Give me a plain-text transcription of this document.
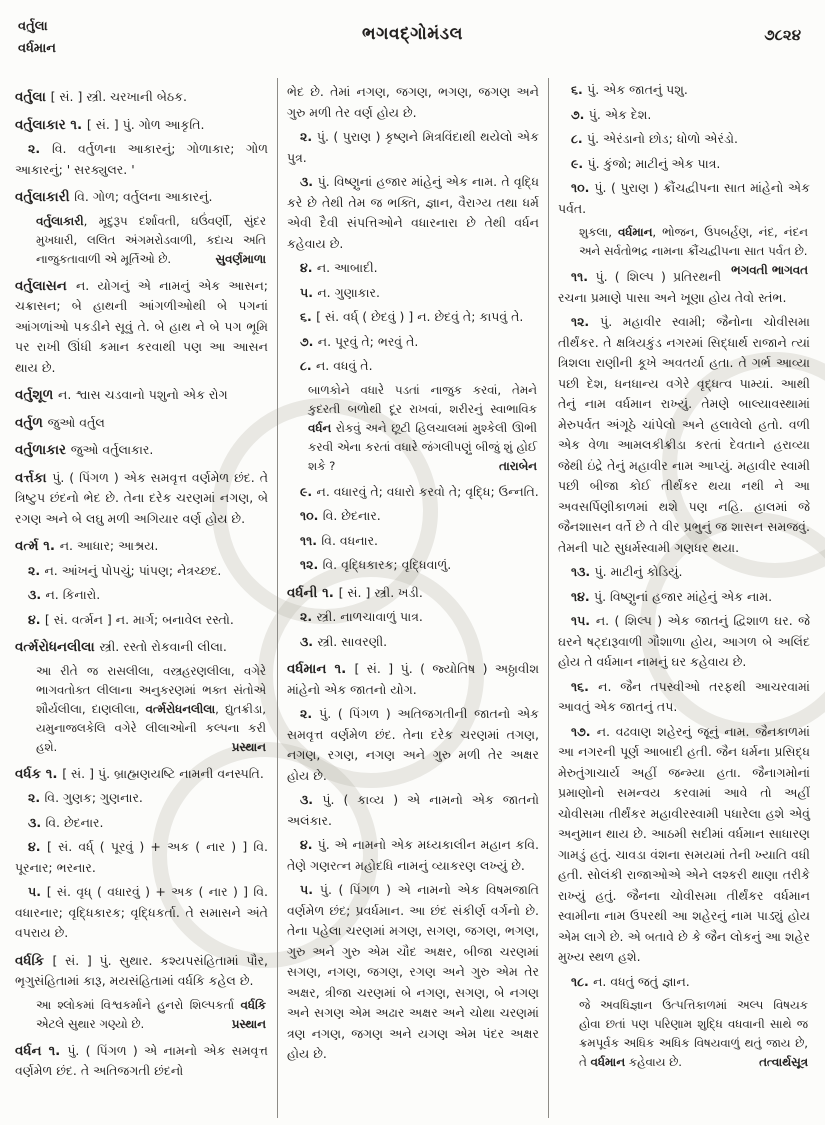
વર્તુલા
વર્ધમાન
ભગવદ્ગોમંડલ	૭૮૨૪

વર્તુલા [ સં. ] સ્ત્રી. ચરખાની બેઠક.

વર્તુલાકાર ૧. [ સં. ] પું. ગોળ આકૃતિ.

૨. વિ. વર્તુળના આકારનું; ગોળાકાર; ગોળ આકારનું; ' સરક્યુલર. '

વર્તુલાકારી વિ. ગોળ; વર્તુલના આકારનું.

વર્તુલાકારી, મૃદુરૂપ દર્શાવતી, ઘઉંવર્ણી, સુંદર મુખધારી, લલિત અંગમરોડવાળી, કદાચ અતિ નાજુકતાવાળી એ મૂર્તિઓ છે.	સુવર્ણમાળા

વર્તુલાસન ન. યોગનું એ નામનું એક આસન; ચક્રાસન; બે હાથની આંગળીઓથી બે પગનાં આંગળાંઓ પકડીને સૂવું તે. બે હાથ ને બે પગ ભૂમિ પર રાખી ઊંધી કમાન કરવાથી પણ આ આસન થાય છે.

વર્તુશૂળ ન. શ્વાસ ચડવાનો પશુનો એક રોગ

વર્તુળ જુઓ વર્તુલ

વર્તુળાકાર જુઓ વર્તુલાકાર.

વર્ત્તકા પું. ( પિંગળ ) એક સમવૃત્ત વર્ણમેળ છંદ. તે ત્રિષ્ટુપ છંદનો ભેદ છે. તેના દરેક ચરણમાં નગણ, બે રગણ અને બે લઘુ મળી અગિયાર વર્ણ હોય છે.

વર્ત્મ ૧. ન. આધાર; આશ્રય.

૨. ન. આંખનું પોપચું; પાંપણ; નેત્રચ્છદ.

૩. ન. કિનારો.

૪. [ સં. વર્ત્મન ] ન. માર્ગ; બનાવેલ રસ્તો.

વર્ત્મરોધનલીલા સ્ત્રી. રસ્તો રોકવાની લીલા.

આ રીતે જ રાસલીલા, વસ્ત્રહરણલીલા, વગેરે ભાગવતોક્ત લીલાના અનુકરણમાં ભક્ત સંતોએ શૌર્યલીલા, દાણલીલા, વર્ત્મરોધનલીલા, દ્યુતક્રીડા, યમુનાજલકેલિ વગેરે લીલાઓની કલ્પના કરી હશે.	પ્રસ્થાન

વર્ધક ૧. [ સં. ] પું. બ્રાહ્મણયષ્ટિ નામની વનસ્પતિ.

૨. વિ. ગુણક; ગુણનાર.

૩. વિ. છેદનાર.

૪. [ સં. વર્ધ્ ( પૂરવું ) + અક ( નાર ) ] વિ. પૂરનાર; ભરનાર.

૫. [ સં. વૃધ્ ( વધારવું ) + અક ( નાર ) ] વિ. વધારનાર; વૃદ્ધિકારક; વૃદ્ધિકર્તા. તે સમાસને અંતે વપરાય છે.

વર્ધકિ [ સં. ] પું. સુથાર. કશ્યપસંહિતામાં પૌર, ભૃગુસંહિતામાં કારૂ, મયસંહિતામાં વર્ધકિ કહેલ છે.

આ શ્લોકમાં વિશ્વકર્માને હુનરો શિલ્પકર્તા વર્ધકિ એટલે સુથાર ગણ્યો છે.	પ્રસ્થાન

વર્ધન ૧. પું. ( પિંગળ ) એ નામનો એક સમવૃત્ત વર્ણમેળ છંદ. તે અતિજગતી છંદનો

ભેદ છે. તેમાં નગણ, જગણ, ભગણ, જગણ અને ગુરુ મળી તેર વર્ણ હોય છે.

૨. પું. ( પુરાણ ) કૃષ્ણને મિત્રવિંદાથી થયેલો એક પુત્ર.

૩. પું. વિષ્ણુનાં હજાર માંહેનું એક નામ. તે વૃદ્ધિ કરે છે તેથી તેમ જ ભક્તિ, જ્ઞાન, વૈરાગ્ય તથા ધર્મ એવી દૈવી સંપત્તિઓને વધારનારા છે તેથી વર્ધન કહેવાય છે.

૪. ન. આબાદી.

૫. ન. ગુણાકાર.

૬. [ સં. વર્ધ્ ( છેદવું ) ] ન. છેદવું તે; કાપવું તે.

૭. ન. પૂરવું તે; ભરવું તે.

૮. ન. વધવું તે.

બાળકોને વધારે પડતાં નાજુક કરવાં, તેમને કુદરતી બળોથી દૂર રાખવાં, શરીરનું સ્વાભાવિક વર્ધન રોકવું અને છૂટી હિલચાલમાં મુશ્કેલી ઊભી કરવી એના કરતાં વધારે જંગલીપણું બીજું શું હોઈ શકે ?	તારાબેન

૯. ન. વધારવું તે; વધારો કરવો તે; વૃદ્ધિ; ઉન્નતિ.

૧૦. વિ. છેદનાર.

૧૧. વિ. વધનાર.

૧૨. વિ. વૃદ્ધિકારક; વૃદ્ધિવાળું.

વર્ધની ૧. [ સં. ] સ્ત્રી. ખડી.

૨. સ્ત્રી. નાળચાવાળું પાત્ર.

૩. સ્ત્રી. સાવરણી.

વર્ધમાન ૧. [ સં. ] પું. ( જ્યોતિષ ) અઠ્ઠાવીશ માંહેનો એક જાતનો યોગ.

૨. પું. ( પિંગળ ) અતિજગતીની જાતનો એક સમવૃત્ત વર્ણમેળ છંદ. તેના દરેક ચરણમાં તગણ, નગણ, રગણ, નગણ અને ગુરુ મળી તેર અક્ષર હોય છે.

૩. પું. ( કાવ્ય ) એ નામનો એક જાતનો અલંકાર.

૪. પું. એ નામનો એક મધ્યકાલીન મહાન કવિ. તેણે ગણરત્ન મહોદધિ નામનું વ્યાકરણ લખ્યું છે.

૫. પું. ( પિંગળ ) એ નામનો એક વિષમજાતિ વર્ણમેળ છંદ; પ્રવર્ધમાન. આ છંદ સંકીર્ણ વર્ગનો છે. તેના પહેલા ચરણમાં મગણ, સગણ, જગણ, ભગણ, ગુરુ અને ગુરુ એમ ચૌદ અક્ષર, બીજા ચરણમાં સગણ, નગણ, જગણ, રગણ અને ગુરુ એમ તેર અક્ષર, ત્રીજા ચરણમાં બે નગણ, સગણ, બે નગણ અને સગણ એમ અઢાર અક્ષર અને ચોથા ચરણમાં ત્રણ નગણ, જગણ અને યગણ એમ પંદર અક્ષર હોય છે.

૬. પું. એક જાતનું પશુ.

૭. પું. એક દેશ.

૮. પું. એરંડાનો છોડ; ધોળો એરંડો.

૯. પું. કુંજો; માટીનું એક પાત્ર.

૧૦. પું. ( પુરાણ ) ક્રૌંચદ્વીપના સાત માંહેનો એક પર્વત.

શુકલા, વર્ધમાન, ભોજન, ઉપબર્હણ, નંદ, નંદન અને સર્વતોભદ્ર નામના ક્રૌંચદ્વીપના સાત પર્વત છે.
ભગવતી ભાગવત

૧૧. પું. ( શિલ્પ ) પ્રતિરથની રચના પ્રમાણે પાસા અને ખૂણા હોય તેવો સ્તંભ.

૧૨. પું. મહાવીર સ્વામી; જૈનોના ચોવીસમા તીર્થંકર. તે ક્ષત્રિયકુંડ નગરમાં સિદ્ધાર્થ રાજાને ત્યાં ત્રિશલા રાણીની કૂખે અવતર્યા હતા. તે ગર્ભ આવ્યા પછી દેશ, ધનધાન્ય વગેરે વૃદ્ધત્વ પામ્યાં. આથી તેનું નામ વર્ધમાન રાખ્યું. તેમણે બાલ્યાવસ્થામાં મેરુપર્વત અંગૂઠે ચાંપેલો અને હલાવેલો હતો. વળી એક વેળા આમલકીક્રીડા કરતાં દેવતાને હરાવ્યા જેથી ઇંદ્રે તેનું મહાવીર નામ આપ્યું. મહાવીર સ્વામી પછી બીજા કોઈ તીર્થંકર થયા નથી ને આ અવસર્પિણીકાળમાં થશે પણ નહિ. હાલમાં જે જૈનશાસન વર્તે છે તે વીર પ્રભુનું જ શાસન સમજવું. તેમની પાટે સુધર્મસ્વામી ગણધર થયા.

૧૩. પું. માટીનું કોડિયું.

૧૪. પું. વિષ્ણુનાં હજાર માંહેનું એક નામ.

૧૫. ન. ( શિલ્પ ) એક જાતનું દ્વિશાળ ઘર. જે ઘરને ષટ્દારૂવાળી ગૌશાળા હોય, આગળ બે અલિંદ હોય તે વર્ધમાન નામનું ઘર કહેવાય છે.

૧૬. ન. જૈન તપસ્વીઓ તરફથી આચરવામાં આવતું એક જાતનું તપ.

૧૭. ન. વઢવાણ શહેરનું જૂનું નામ. જૈનકાળમાં આ નગરની પૂર્ણ આબાદી હતી. જૈન ધર્મના પ્રસિદ્ધ મેરુતુંગાચાર્ય અહીં જન્મ્યા હતા. જૈનાગમોનાં પ્રમાણોનો સમન્વય કરવામાં આવે તો અહીં ચોવીસમા તીર્થંકર મહાવીરસ્વામી પધારેલા હશે એવું અનુમાન થાય છે. આઠમી સદીમાં વર્ધમાન સાધારણ ગામડું હતું. ચાવડા વંશના સમયમાં તેની ખ્યાતિ વધી હતી. સોલંકી રાજાઓએ એને લશ્કરી થાણા તરીકે રાખ્યું હતું. જૈનના ચોવીસમા તીર્થંકર વર્ધમાન સ્વામીના નામ ઉપરથી આ શહેરનું નામ પાડ્યું હોય એમ લાગે છે. એ બતાવે છે કે જૈન લોકનું આ શહેર મુખ્ય સ્થળ હશે.

૧૮. ન. વધતું જતું જ્ઞાન.

જે અવધિજ્ઞાન ઉત્પત્તિકાળમાં અલ્પ વિષયક હોવા છતાં પણ પરિણામ શુદ્ધિ વધવાની સાથે જ ક્રમપૂર્વક અધિક અધિક વિષયવાળું થતું જાય છે, તે વર્ધમાન કહેવાય છે.	તત્વાર્થસૂત્ર
